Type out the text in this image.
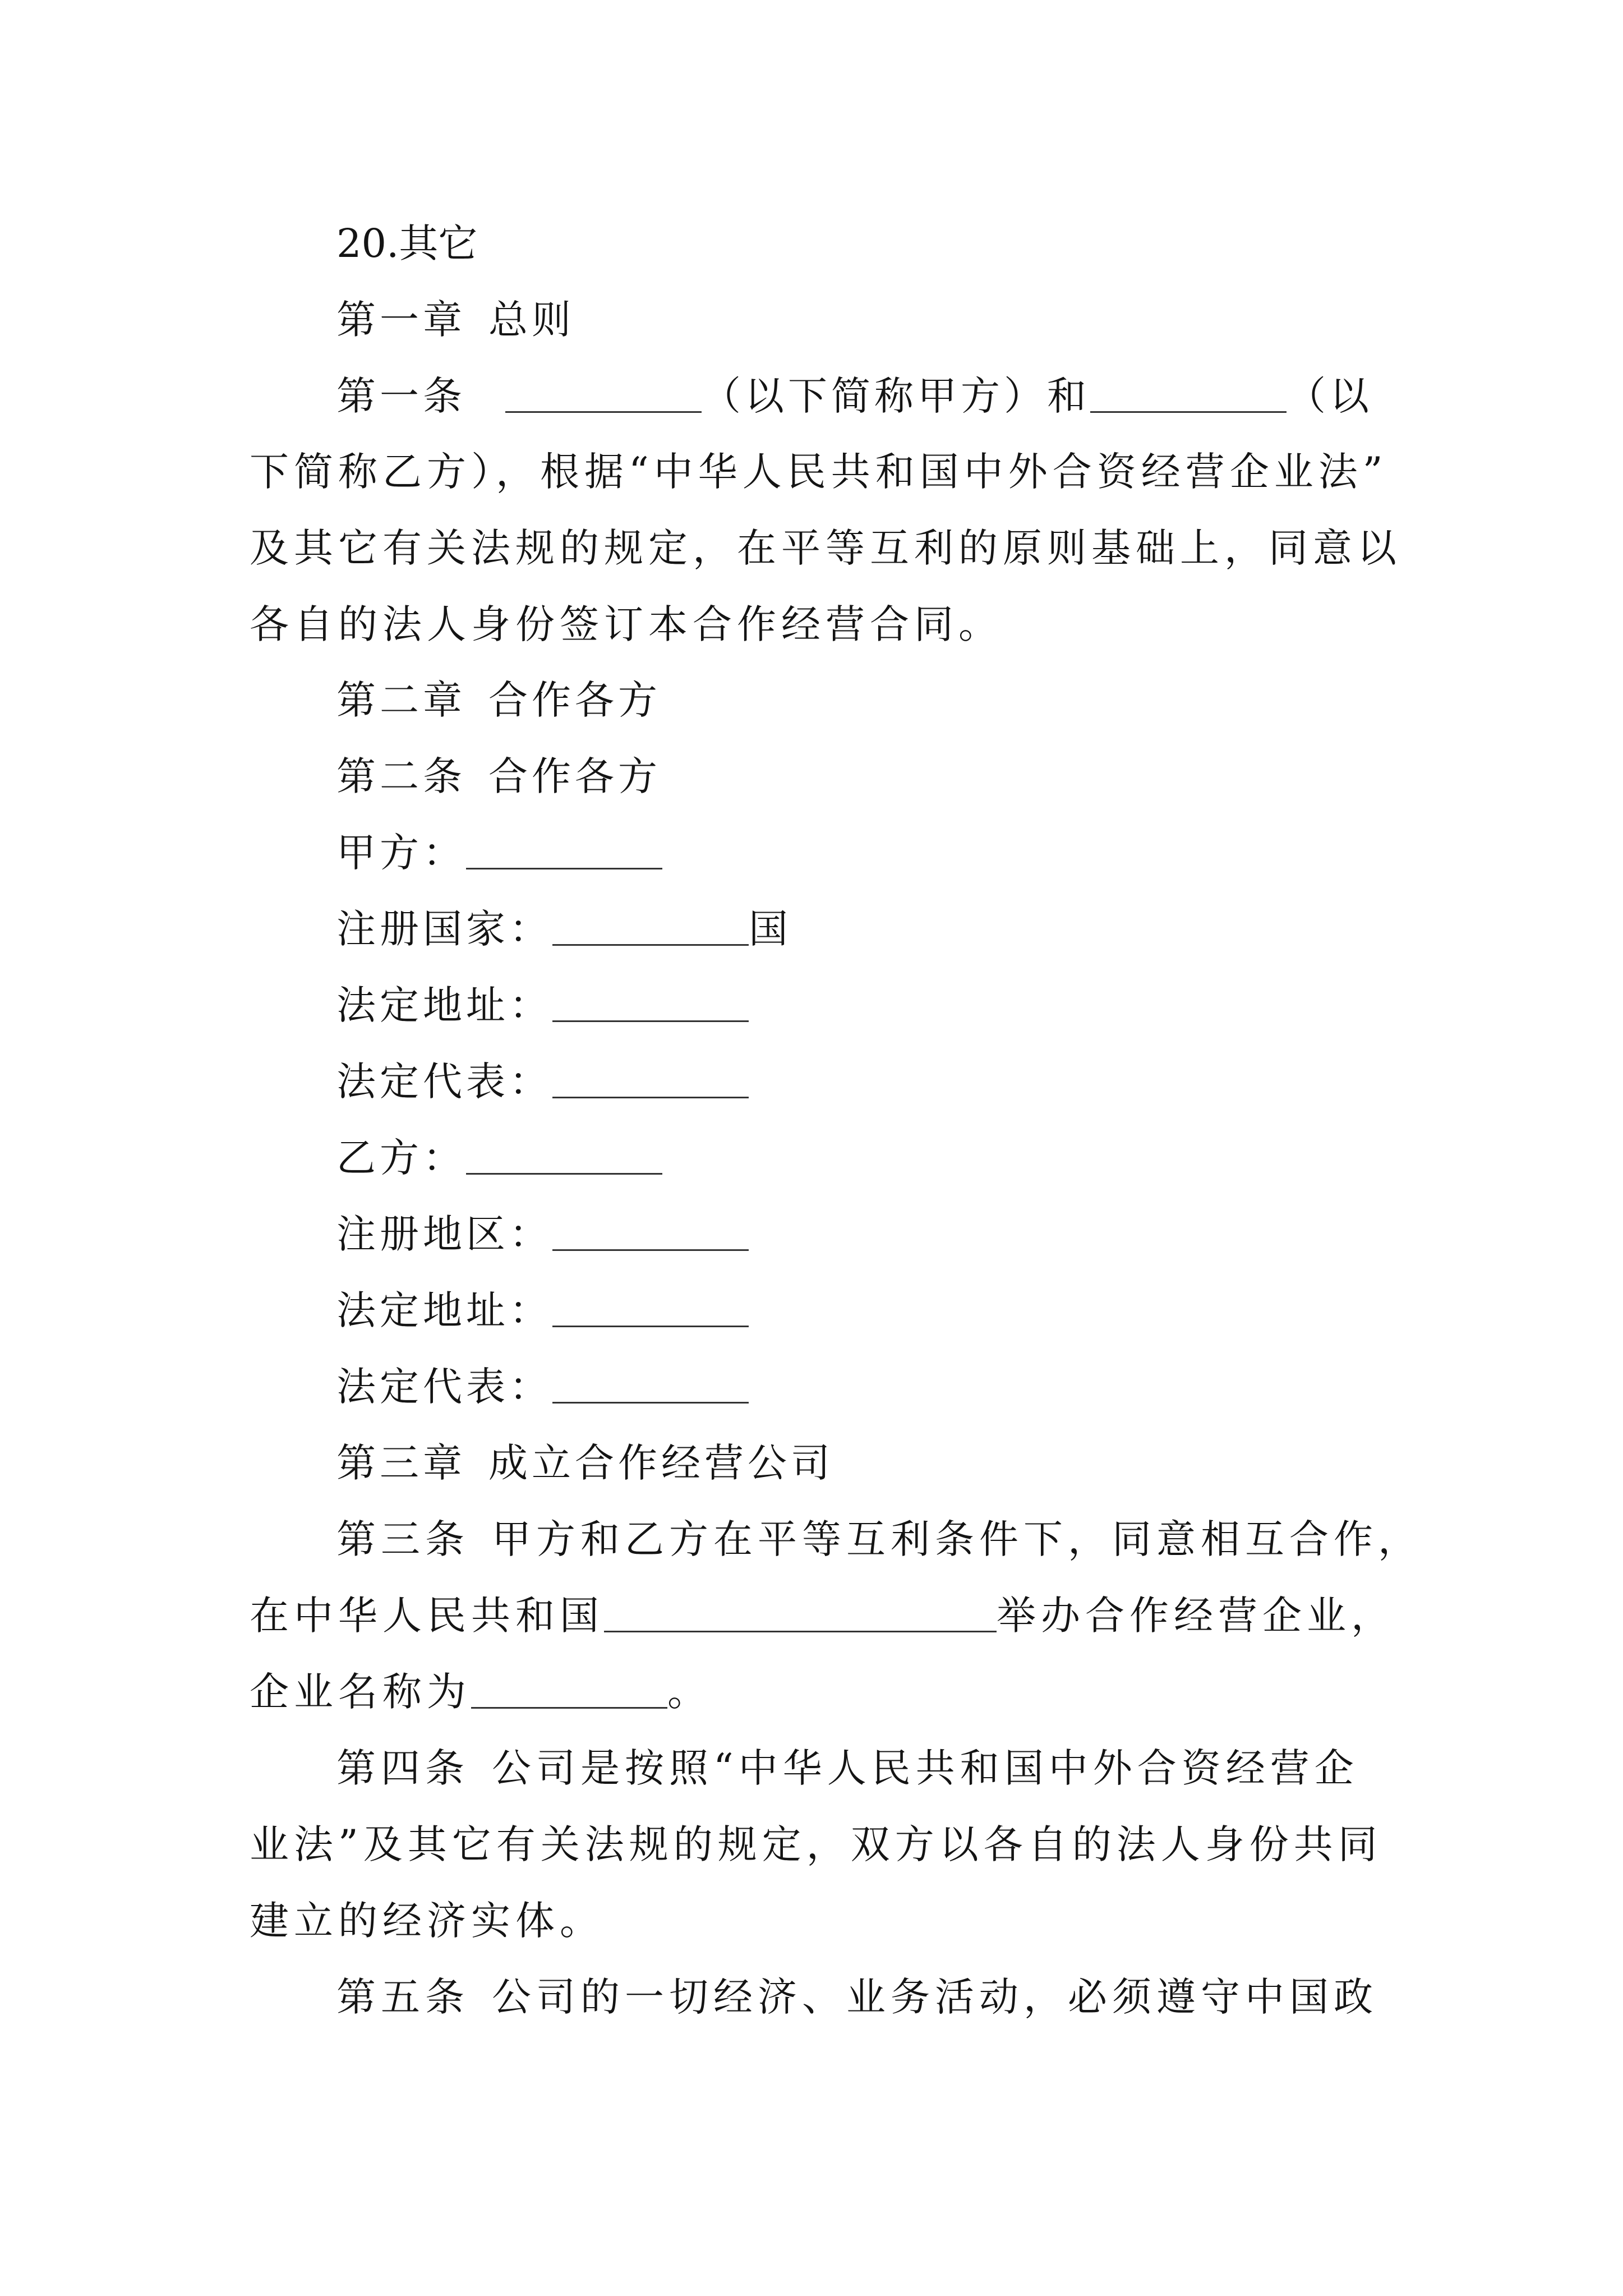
20.其它
第一章 总则
第一条	（以下简称甲方）和	（以
下简称乙方），根据“中华人民共和国中外合资经营企业法”
及其它有关法规的规定，在平等互利的原则基础上，同意以
各自的法人身份签订本合作经营合同。
第二章 合作各方
第二条 合作各方
甲方：
注册国家：	国
法定地址：
法定代表：
乙方：
注册地区：
法定地址：
法定代表：
第三章 成立合作经营公司
第三条 甲方和乙方在平等互利条件下，同意相互合作，
在中华人民共和国	举办合作经营企业，
企业名称为	。
第四条 公司是按照“中华人民共和国中外合资经营企
业法”及其它有关法规的规定，双方以各自的法人身份共同
建立的经济实体。
第五条 公司的一切经济、业务活动，必须遵守中国政
